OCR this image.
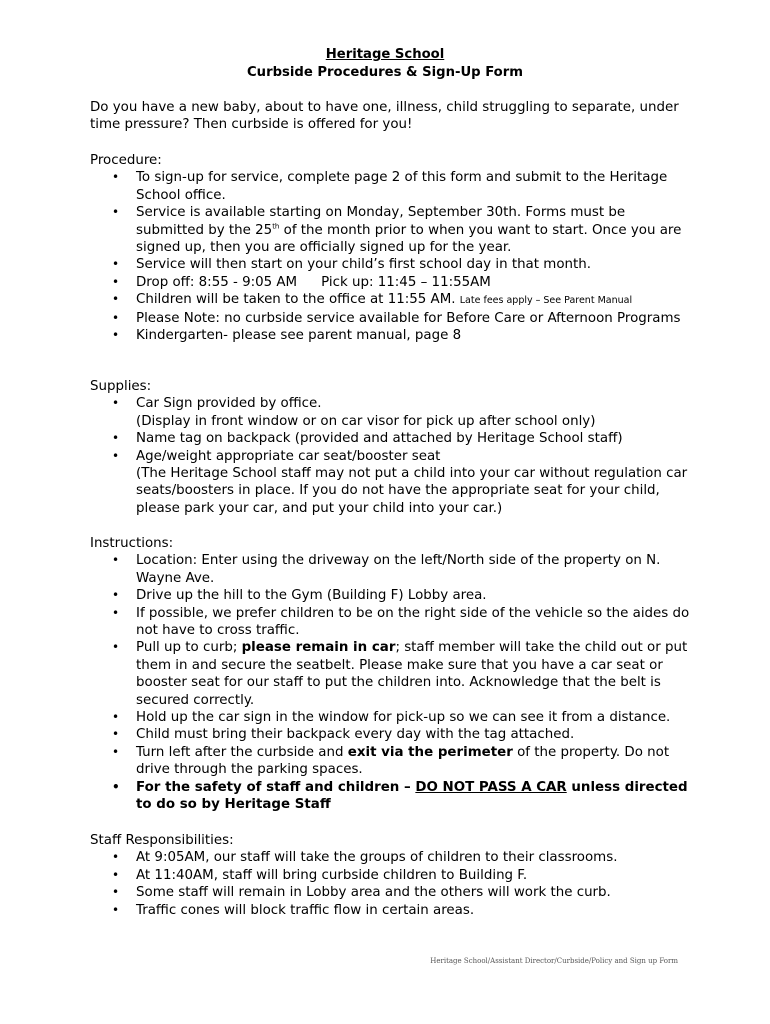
Heritage School
Curbside Procedures & Sign-Up Form
Do you have a new baby, about to have one, illness, child struggling to separate, under time pressure? Then curbside is offered for you!

Procedure:

• To sign-up for service, complete page 2 of this form and submit to the Heritage School office.
• Service is available starting on Monday, September 30th. Forms must be submitted by the 25th of the month prior to when you want to start. Once you are signed up, then you are officially signed up for the year.
• Service will then start on your child’s first school day in that month.
• Drop off: 8:55 - 9:05 AM Pick up: 11:45 – 11:55AM
• Children will be taken to the office at 11:55 AM. Late fees apply – See Parent Manual
• Please Note: no curbside service available for Before Care or Afternoon Programs
• Kindergarten- please see parent manual, page 8

Supplies:

• Car Sign provided by office.
(Display in front window or on car visor for pick up after school only)
• Name tag on backpack (provided and attached by Heritage School staff)
• Age/weight appropriate car seat/booster seat
(The Heritage School staff may not put a child into your car without regulation car seats/boosters in place. If you do not have the appropriate seat for your child, please park your car, and put your child into your car.)

Instructions:

• Location: Enter using the driveway on the left/North side of the property on N. Wayne Ave.
• Drive up the hill to the Gym (Building F) Lobby area.
• If possible, we prefer children to be on the right side of the vehicle so the aides do not have to cross traffic.
• Pull up to curb; please remain in car; staff member will take the child out or put them in and secure the seatbelt. Please make sure that you have a car seat or booster seat for our staff to put the children into. Acknowledge that the belt is secured correctly.
• Hold up the car sign in the window for pick-up so we can see it from a distance.
• Child must bring their backpack every day with the tag attached.
• Turn left after the curbside and exit via the perimeter of the property. Do not drive through the parking spaces.
• For the safety of staff and children – DO NOT PASS A CAR unless directed to do so by Heritage Staff

Staff Responsibilities:

• At 9:05AM, our staff will take the groups of children to their classrooms.
• At 11:40AM, staff will bring curbside children to Building F.
• Some staff will remain in Lobby area and the others will work the curb.
• Traffic cones will block traffic flow in certain areas.
Heritage School/Assistant Director/Curbside/Policy and Sign up Form
